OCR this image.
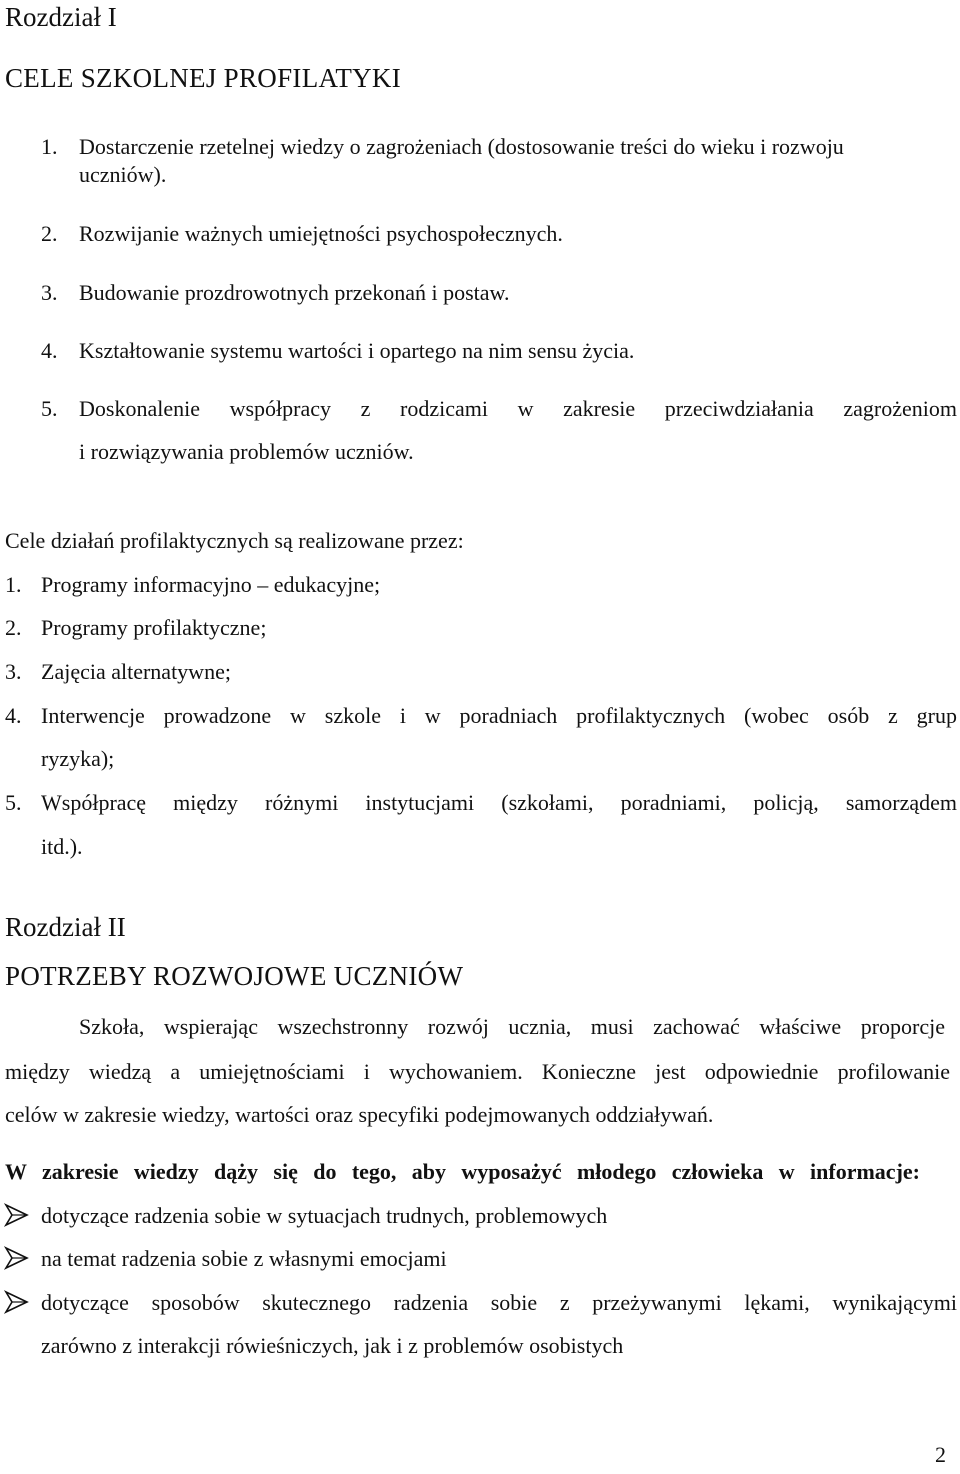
Rozdział I
CELE SZKOLNEJ PROFILATYKI
1. Dostarczenie rzetelnej wiedzy o zagrożeniach (dostosowanie treści do wieku i rozwoju
uczniów).
2. Rozwijanie ważnych umiejętności psychospołecznych.
3. Budowanie prozdrowotnych przekonań i postaw.
4. Kształtowanie systemu wartości i opartego na nim sensu życia.
5. Doskonalenie współpracy z rodzicami w zakresie przeciwdziałania zagrożeniom
i rozwiązywania problemów uczniów.
Cele działań profilaktycznych są realizowane przez:
1. Programy informacyjno – edukacyjne;
2. Programy profilaktyczne;
3. Zajęcia alternatywne;
4. Interwencje prowadzone w szkole i w poradniach profilaktycznych (wobec osób z grup
ryzyka);
5. Współpracę między różnymi instytucjami (szkołami, poradniami, policją, samorządem
itd.).
Rozdział II
POTRZEBY ROZWOJOWE UCZNIÓW
Szkoła, wspierając wszechstronny rozwój ucznia, musi zachować właściwe proporcje
między wiedzą a umiejętnościami i wychowaniem. Konieczne jest odpowiednie profilowanie
celów w zakresie wiedzy, wartości oraz specyfiki podejmowanych oddziaływań.
W zakresie wiedzy dąży się do tego, aby wyposażyć młodego człowieka w informacje:
dotyczące radzenia sobie w sytuacjach trudnych, problemowych
na temat radzenia sobie z własnymi emocjami
dotyczące sposobów skutecznego radzenia sobie z przeżywanymi lękami, wynikającymi
zarówno z interakcji rówieśniczych, jak i z problemów osobistych
2
